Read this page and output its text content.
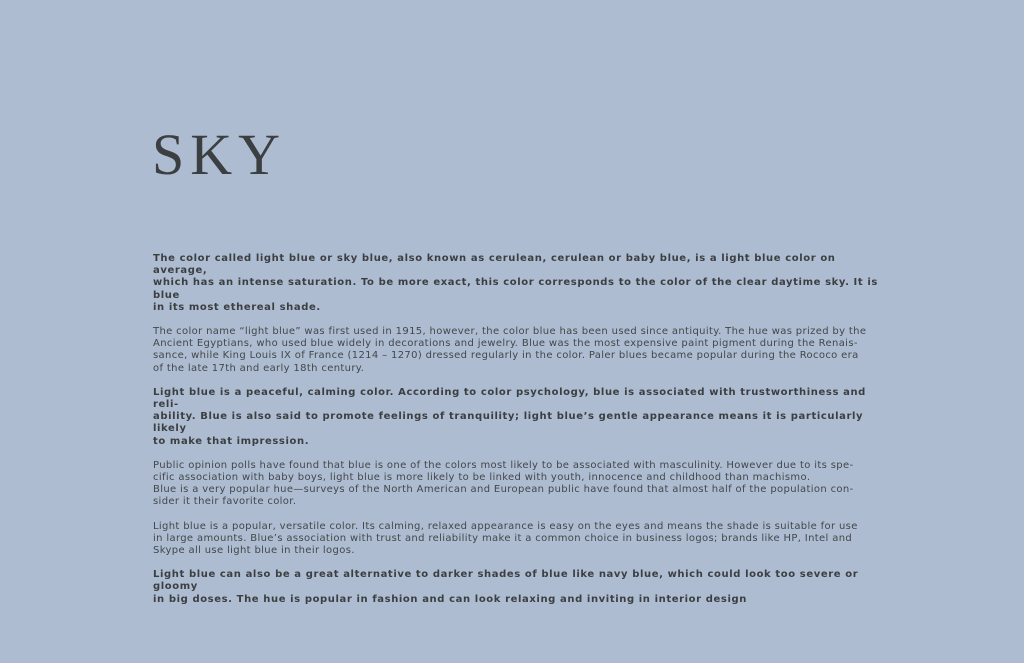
SKY

The color called light blue or sky blue, also known as cerulean, cerulean or baby blue, is a light blue color on average,
which has an intense saturation. To be more exact, this color corresponds to the color of the clear daytime sky. It is blue
in its most ethereal shade.

The color name “light blue” was first used in 1915, however, the color blue has been used since antiquity. The hue was prized by the
Ancient Egyptians, who used blue widely in decorations and jewelry. Blue was the most expensive paint pigment during the Renais-
sance, while King Louis IX of France (1214 – 1270) dressed regularly in the color. Paler blues became popular during the Rococo era
of the late 17th and early 18th century.

Light blue is a peaceful, calming color. According to color psychology, blue is associated with trustworthiness and reli-
ability. Blue is also said to promote feelings of tranquility; light blue’s gentle appearance means it is particularly likely
to make that impression.

Public opinion polls have found that blue is one of the colors most likely to be associated with masculinity. However due to its spe-
cific association with baby boys, light blue is more likely to be linked with youth, innocence and childhood than machismo.
Blue is a very popular hue—surveys of the North American and European public have found that almost half of the population con-
sider it their favorite color.

Light blue is a popular, versatile color. Its calming, relaxed appearance is easy on the eyes and means the shade is suitable for use
in large amounts. Blue’s association with trust and reliability make it a common choice in business logos; brands like HP, Intel and
Skype all use light blue in their logos.

Light blue can also be a great alternative to darker shades of blue like navy blue, which could look too severe or gloomy
in big doses. The hue is popular in fashion and can look relaxing and inviting in interior design
